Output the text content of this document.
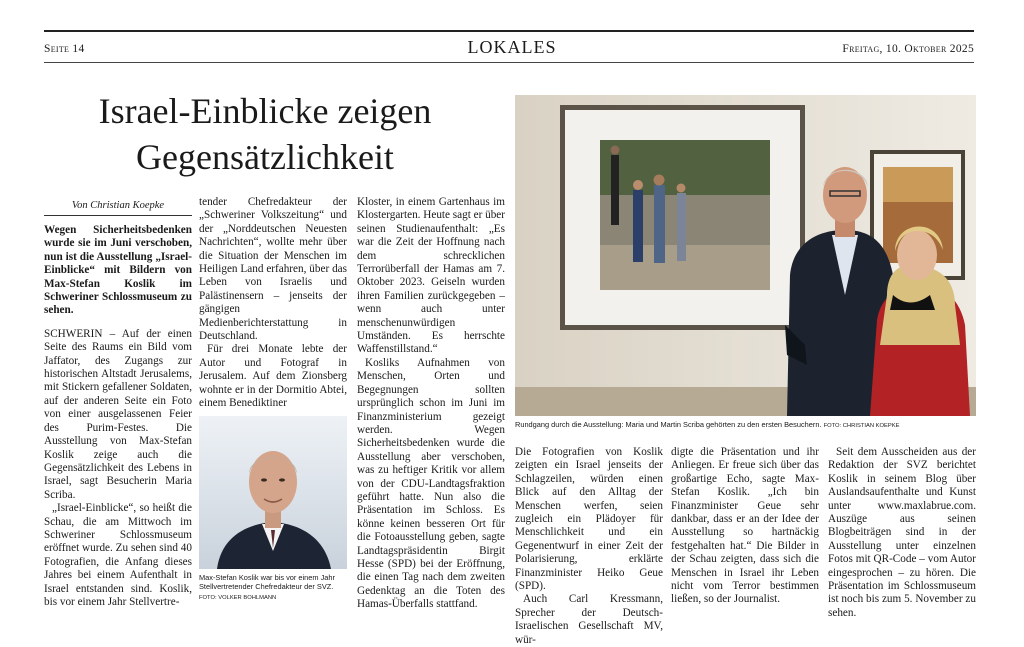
Seite 14	LOKALES	Freitag, 10. Oktober 2025
Israel-Einblicke zeigen Gegensätzlichkeit
Von Christian Koepke

Wegen Sicherheitsbedenken wurde sie im Juni verschoben, nun ist die Ausstellung „Israel-Einblicke“ mit Bildern von Max-Stefan Koslik im Schweriner Schlossmuseum zu sehen.

SCHWERIN – Auf der einen Seite des Raums ein Bild vom Jaffator, des Zugangs zur historischen Altstadt Jerusalems, mit Stickern gefallener Soldaten, auf der anderen Seite ein Foto von einer ausgelassenen Feier des Purim-Festes. Die Ausstellung von Max-Stefan Koslik zeige auch die Gegensätzlichkeit des Lebens in Israel, sagt Besucherin Maria Scriba.

„Israel-Einblicke“, so heißt die Schau, die am Mittwoch im Schweriner Schlossmuseum eröffnet wurde. Zu sehen sind 40 Fotografien, die Anfang dieses Jahres bei einem Aufenthalt in Israel entstanden sind. Koslik, bis vor einem Jahr Stellvertre-

tender Chefredakteur der „Schweriner Volkszeitung“ und der „Norddeutschen Neuesten Nachrichten“, wollte mehr über die Situation der Menschen im Heiligen Land erfahren, über das Leben von Israelis und Palästinensern – jenseits der gängigen Medienberichterstattung in Deutschland.

Für drei Monate lebte der Autor und Fotograf in Jerusalem. Auf dem Zionsberg wohnte er in der Dormitio Abtei, einem Benediktiner

Max-Stefan Koslik war bis vor einem Jahr Stellvertretender Chefredakteur der SVZ. FOTO: VOLKER BOHLMANN

Kloster, in einem Gartenhaus im Klostergarten. Heute sagt er über seinen Studienaufenthalt: „Es war die Zeit der Hoffnung nach dem schrecklichen Terrorüberfall der Hamas am 7. Oktober 2023. Geiseln wurden ihren Familien zurückgegeben – wenn auch unter menschenunwürdigen Umständen. Es herrschte Waffenstillstand.“

Kosliks Aufnahmen von Menschen, Orten und Begegnungen sollten ursprünglich schon im Juni im Finanzministerium gezeigt werden. Wegen Sicherheitsbedenken wurde die Ausstellung aber verschoben, was zu heftiger Kritik vor allem von der CDU-Landtagsfraktion geführt hatte. Nun also die Präsentation im Schloss. Es könne keinen besseren Ort für die Fotoausstellung geben, sagte Landtagspräsidentin Birgit Hesse (SPD) bei der Eröffnung, die einen Tag nach dem zweiten Gedenktag an die Toten des Hamas-Überfalls stattfand.

Rundgang durch die Ausstellung: Maria und Martin Scriba gehörten zu den ersten Besuchern. FOTO: CHRISTIAN KOEPKE

Die Fotografien von Koslik zeigten ein Israel jenseits der Schlagzeilen, würden einen Blick auf den Alltag der Menschen werfen, seien zugleich ein Plädoyer für Menschlichkeit und ein Gegenentwurf in einer Zeit der Polarisierung, erklärte Finanzminister Heiko Geue (SPD).

Auch Carl Kressmann, Sprecher der Deutsch-Israelischen Gesellschaft MV, wür-

digte die Präsentation und ihr Anliegen. Er freue sich über das großartige Echo, sagte Max-Stefan Koslik. „Ich bin Finanzminister Geue sehr dankbar, dass er an der Idee der Ausstellung so hartnäckig festgehalten hat.“ Die Bilder in der Schau zeigten, dass sich die Menschen in Israel ihr Leben nicht vom Terror bestimmen ließen, so der Journalist.

Seit dem Ausscheiden aus der Redaktion der SVZ berichtet Koslik in seinem Blog über Auslandsaufenthalte und Kunst unter www.maxlabrue.com. Auszüge aus seinen Blogbeiträgen sind in der Ausstellung unter einzelnen Fotos mit QR-Code – vom Autor eingesprochen – zu hören. Die Präsentation im Schlossmuseum ist noch bis zum 5. November zu sehen.
